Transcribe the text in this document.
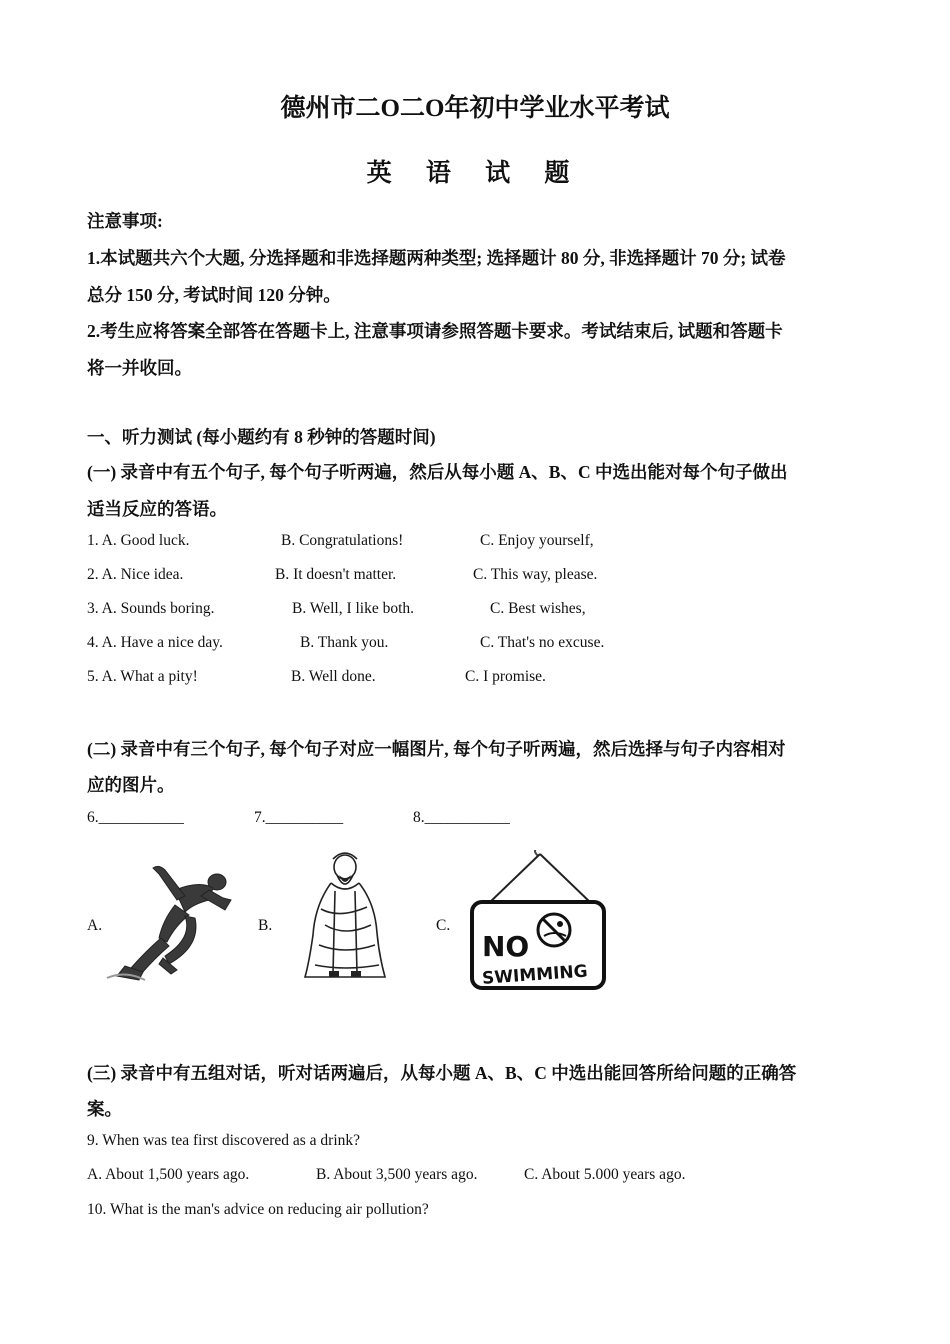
德州市二O二O年初中学业水平考试
英 语 试 题
注意事项:
1.本试题共六个大题, 分选择题和非选择题两种类型; 选择题计 80 分, 非选择题计 70 分; 试卷
总分 150 分, 考试时间 120 分钟。
2.考生应将答案全部答在答题卡上, 注意事项请参照答题卡要求。考试结束后, 试题和答题卡
将一并收回。
一、听力测试 (每小题约有 8 秒钟的答题时间)
(一) 录音中有五个句子, 每个句子听两遍，然后从每小题 A、B、C 中选出能对每个句子做出
适当反应的答语。
1. A. Good luck.	B. Congratulations!	C. Enjoy yourself,
2. A. Nice idea.	B. It doesn't matter.	C. This way, please.
3. A. Sounds boring.	B. Well, I like both.	C. Best wishes,
4. A. Have a nice day.	B. Thank you.	C. That's no excuse.
5. A. What a pity!	B. Well done.	C. I promise.
(二) 录音中有三个句子, 每个句子对应一幅图片, 每个句子听两遍，然后选择与句子内容相对
应的图片。
6.___________	7.__________	8.___________
A.	B.	C.
NO
SWIMMING
(三) 录音中有五组对话，听对话两遍后，从每小题 A、B、C 中选出能回答所给问题的正确答
案。
9. When was tea first discovered as a drink?
A. About 1,500 years ago.	B. About 3,500 years ago.	C. About 5.000 years ago.
10. What is the man's advice on reducing air pollution?
